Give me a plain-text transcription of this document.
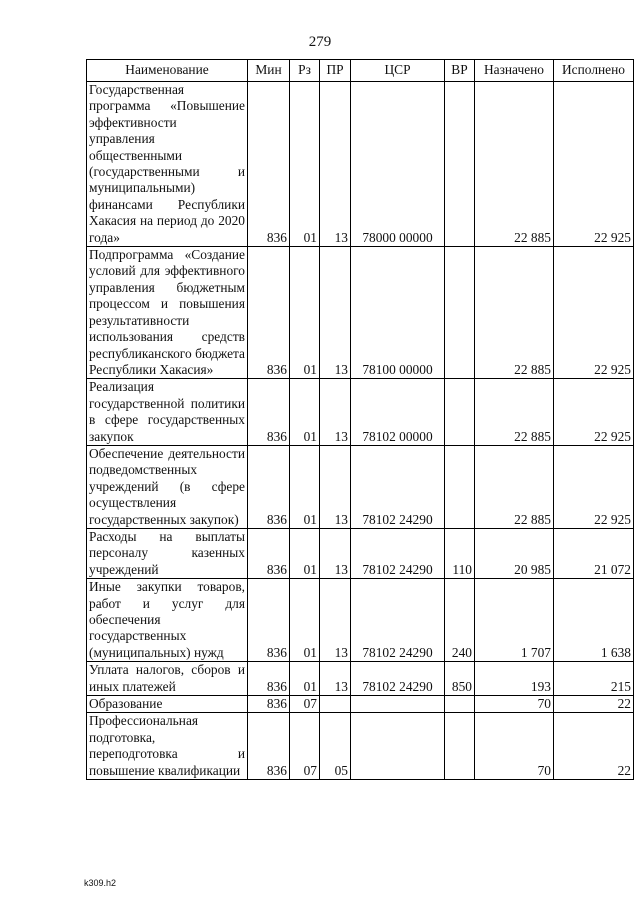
279
Наименование	Мин	Рз	ПР	ЦСР	ВР	Назначено	Исполнено
Государственная программа «Повышение эффективности управления общественными (государственными и муниципальными) финансами Республики Хакасия на период до 2020 года»	836	01	13	78000 00000		22 885	22 925
Подпрограмма «Создание условий для эффективного управления бюджетным процессом и повышения результативности использования средств республиканского бюджета Республики Хакасия»	836	01	13	78100 00000		22 885	22 925
Реализация государственной политики в сфере государственных закупок	836	01	13	78102 00000		22 885	22 925
Обеспечение деятельности подведомственных учреждений (в сфере осуществления государственных закупок)	836	01	13	78102 24290		22 885	22 925
Расходы на выплаты персоналу казенных учреждений	836	01	13	78102 24290	110	20 985	21 072
Иные закупки товаров, работ и услуг для обеспечения государственных (муниципальных) нужд	836	01	13	78102 24290	240	1 707	1 638
Уплата налогов, сборов и иных платежей	836	01	13	78102 24290	850	193	215
Образование	836	07				70	22
Профессиональная подготовка, переподготовка и повышение квалификации	836	07	05			70	22
k309.h2
